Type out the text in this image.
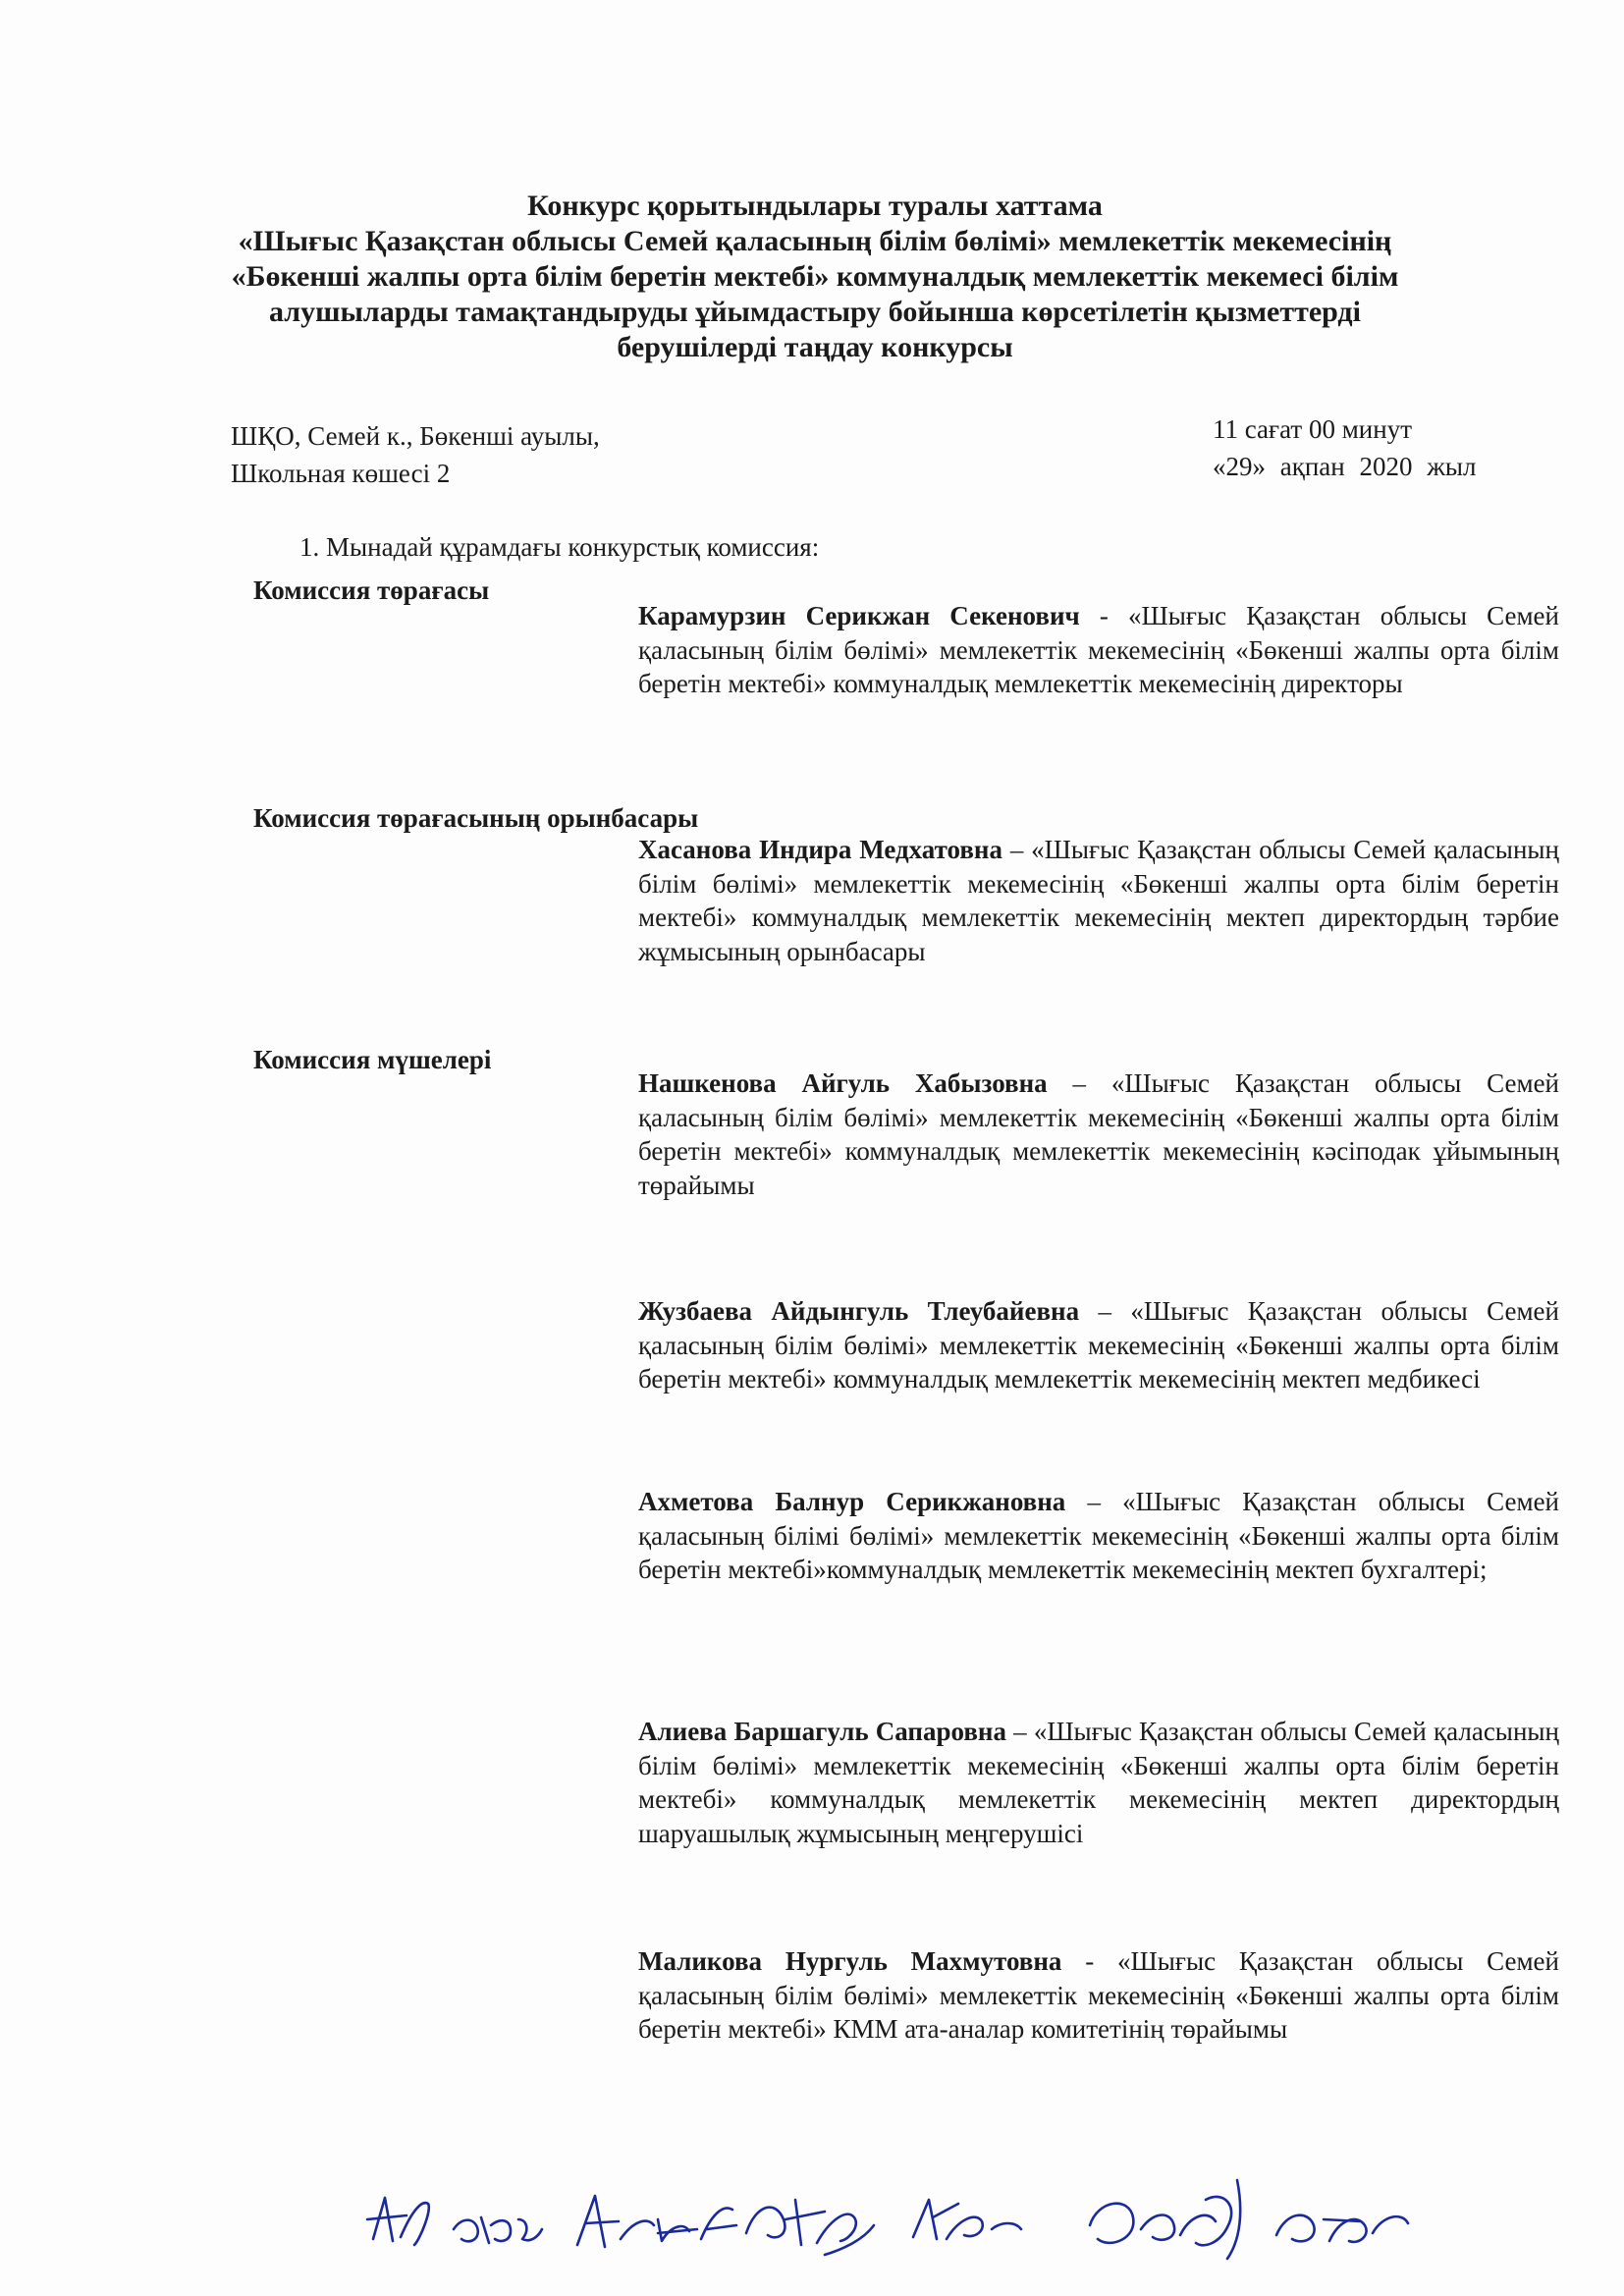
Конкурс қорытындылары туралы хаттама
«Шығыс Қазақстан облысы Семей қаласының білім бөлімі» мемлекеттік мекемесінің
«Бөкенші жалпы орта білім беретін мектебі» коммуналдық мемлекеттік мекемесі білім
алушыларды тамақтандыруды ұйымдастыру бойынша көрсетілетін қызметтерді
берушілерді таңдау конкурсы
ШҚО, Семей к., Бөкенші ауылы,
Школьная көшесі 2
11 сағат 00 минут
«29» ақпан 2020 жыл
1. Мынадай құрамдағы конкурстық комиссия:
Комиссия төрағасы
Карамурзин Серикжан Секенович - «Шығыс Қазақстан облысы Семей қаласының білім бөлімі» мемлекеттік мекемесінің «Бөкенші жалпы орта білім беретін мектебі» коммуналдық мемлекеттік мекемесінің директоры
Комиссия төрағасының орынбасары
Хасанова Индира Медхатовна – «Шығыс Қазақстан облысы Семей қаласының білім бөлімі» мемлекеттік мекемесінің «Бөкенші жалпы орта білім беретін мектебі» коммуналдық мемлекеттік мекемесінің мектеп директордың тәрбие жұмысының орынбасары
Комиссия мүшелері
Нашкенова Айгуль Хабызовна – «Шығыс Қазақстан облысы Семей қаласының білім бөлімі» мемлекеттік мекемесінің «Бөкенші жалпы орта білім беретін мектебі» коммуналдық мемлекеттік мекемесінің кәсіподак ұйымының төрайымы
Жузбаева Айдынгуль Тлеубайевна – «Шығыс Қазақстан облысы Семей қаласының білім бөлімі» мемлекеттік мекемесінің «Бөкенші жалпы орта білім беретін мектебі» коммуналдық мемлекеттік мекемесінің мектеп медбикесі
Ахметова Балнур Серикжановна – «Шығыс Қазақстан облысы Семей қаласының білімі бөлімі» мемлекеттік мекемесінің «Бөкенші жалпы орта білім беретін мектебі»коммуналдық мемлекеттік мекемесінің мектеп бухгалтері;
Алиева Баршагуль Сапаровна – «Шығыс Қазақстан облысы Семей қаласының білім бөлімі» мемлекеттік мекемесінің «Бөкенші жалпы орта білім беретін мектебі» коммуналдық мемлекеттік мекемесінің мектеп директордың шаруашылық жұмысының меңгерушісі
Маликова Нургуль Махмутовна - «Шығыс Қазақстан облысы Семей қаласының білім бөлімі» мемлекеттік мекемесінің «Бөкенші жалпы орта білім беретін мектебі» КММ ата-аналар комитетінің төрайымы
